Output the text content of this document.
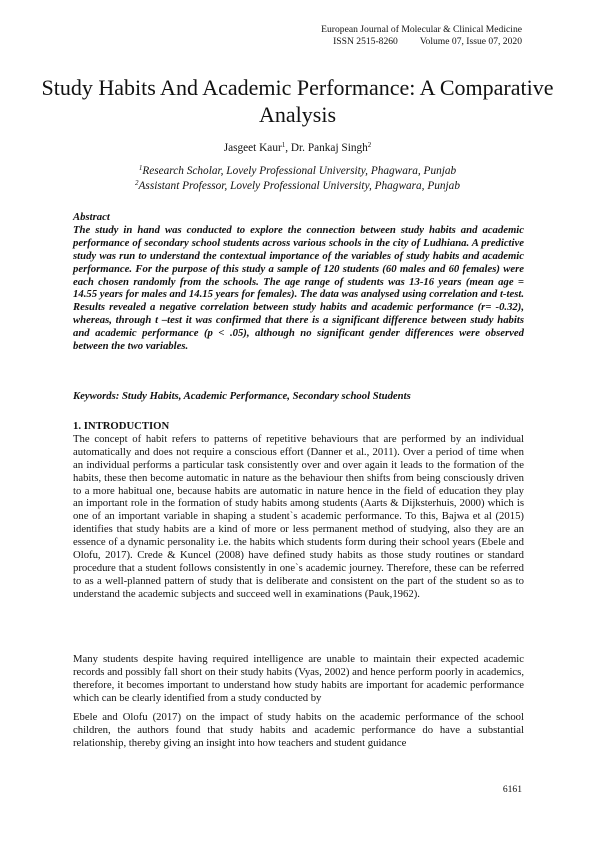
European Journal of Molecular & Clinical Medicine
ISSN 2515-8260 Volume 07, Issue 07, 2020
Study Habits And Academic Performance: A Comparative Analysis
Jasgeet Kaur$^1$, Dr. Pankaj Singh$^2$
$^1$Research Scholar, Lovely Professional University, Phagwara, Punjab
$^2$Assistant Professor, Lovely Professional University, Phagwara, Punjab
Abstract
The study in hand was conducted to explore the connection between study habits and academic performance of secondary school students across various schools in the city of Ludhiana. A predictive study was run to understand the contextual importance of the variables of study habits and academic performance. For the purpose of this study a sample of 120 students (60 males and 60 females) were each chosen randomly from the schools. The age range of students was 13-16 years (mean age = 14.55 years for males and 14.15 years for females). The data was analysed using correlation and t-test. Results revealed a negative correlation between study habits and academic performance (r= -0.32), whereas, through t –test it was confirmed that there is a significant difference between study habits and academic performance (p < .05), although no significant gender differences were observed between the two variables.
Keywords: Study Habits, Academic Performance, Secondary school Students
1. INTRODUCTION
The concept of habit refers to patterns of repetitive behaviours that are performed by an individual automatically and does not require a conscious effort (Danner et al., 2011). Over a period of time when an individual performs a particular task consistently over and over again it leads to the formation of the habits, these then become automatic in nature as the behaviour then shifts from being consciously driven to a more habitual one, because habits are automatic in nature hence in the field of education they play an important role in the formation of study habits among students (Aarts & Dijksterhuis, 2000) which is one of an important variable in shaping a student`s academic performance. To this, Bajwa et al (2015) identifies that study habits are a kind of more or less permanent method of studying, also they are an essence of a dynamic personality i.e. the habits which students form during their school years (Ebele and Olofu, 2017). Crede & Kuncel (2008) have defined study habits as those study routines or standard procedure that a student follows consistently in one`s academic journey. Therefore, these can be referred to as a well-planned pattern of study that is deliberate and consistent on the part of the student so as to understand the academic subjects and succeed well in examinations (Pauk,1962).
Many students despite having required intelligence are unable to maintain their expected academic records and possibly fall short on their study habits (Vyas, 2002) and hence perform poorly in academics, therefore, it becomes important to understand how study habits are important for academic performance which can be clearly identified from a study conducted by
Ebele and Olofu (2017) on the impact of study habits on the academic performance of the school children, the authors found that study habits and academic performance do have a substantial relationship, thereby giving an insight into how teachers and student guidance
6161
